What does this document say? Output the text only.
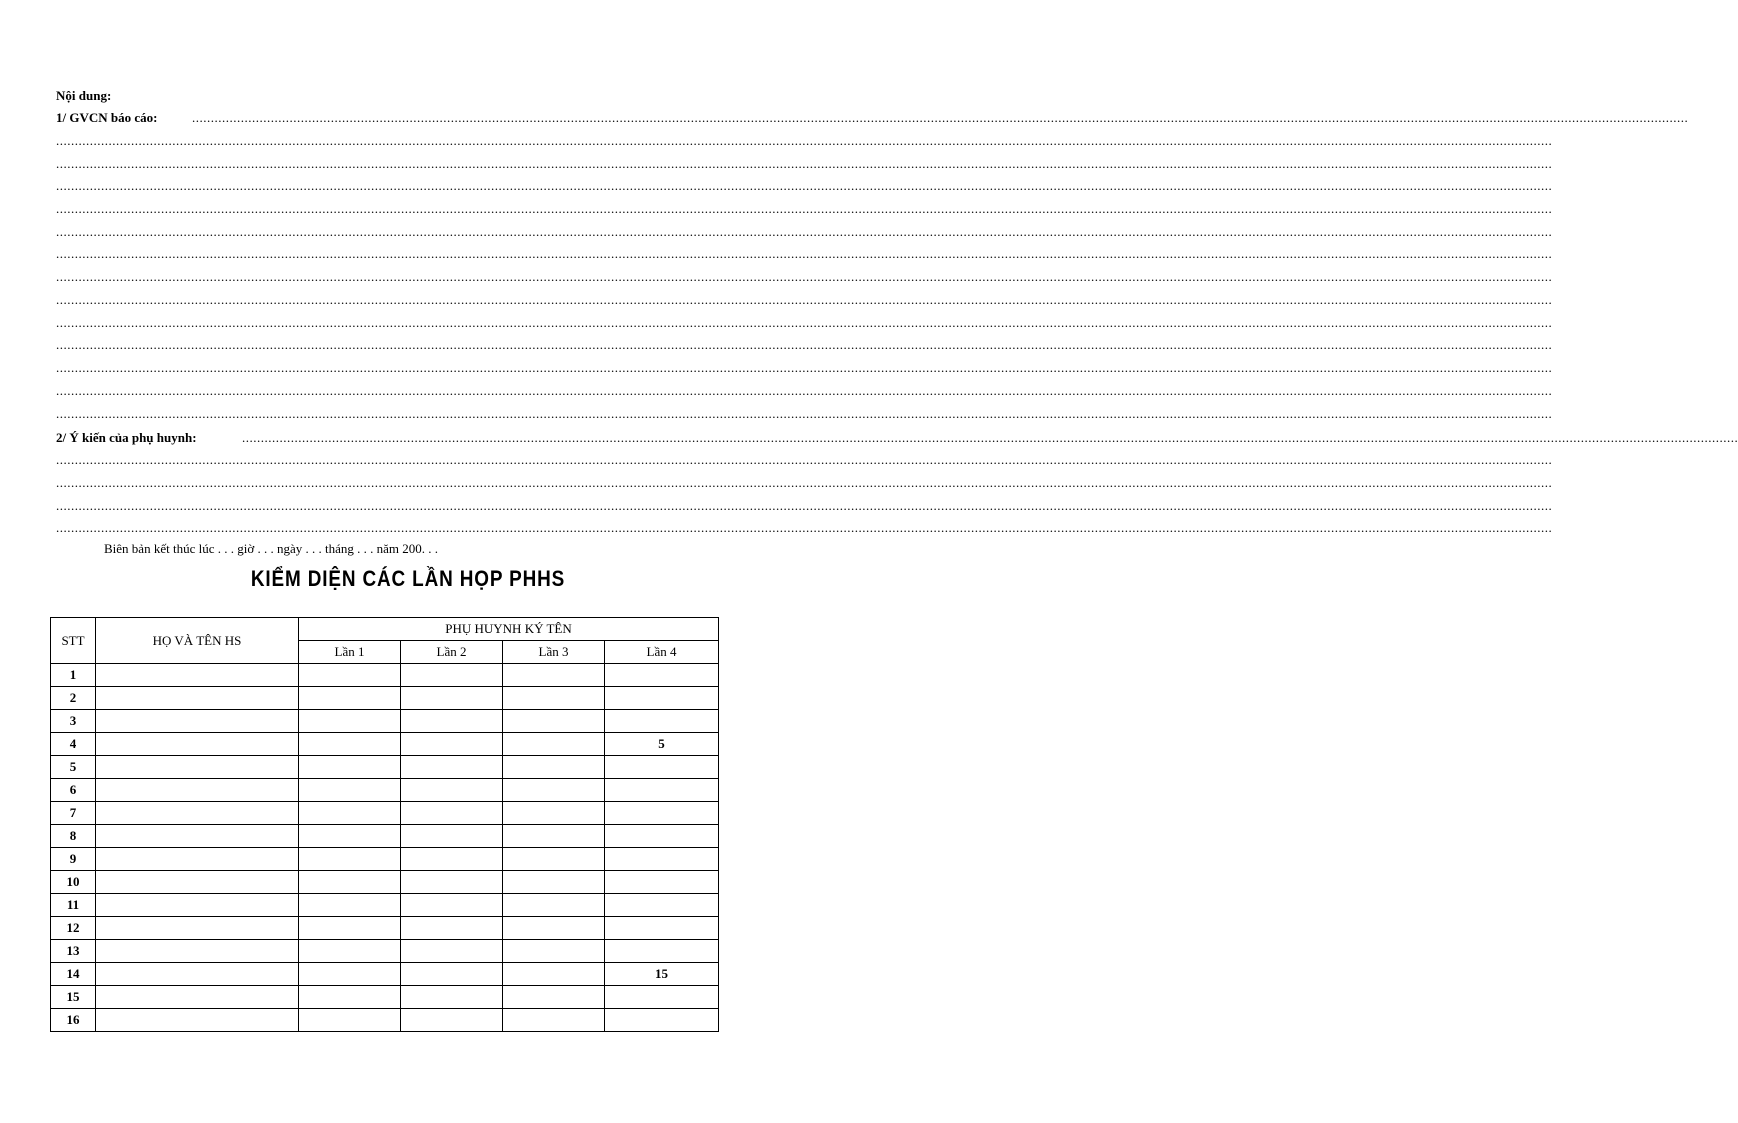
Nội dung:
1/ GVCN báo cáo:	...............................................................................................................................................................................................................................................................................................................................................................................................................
...............................................................................................................................................................................................................................................................................................................................................................................................................
...............................................................................................................................................................................................................................................................................................................................................................................................................
...............................................................................................................................................................................................................................................................................................................................................................................................................
...............................................................................................................................................................................................................................................................................................................................................................................................................
...............................................................................................................................................................................................................................................................................................................................................................................................................
...............................................................................................................................................................................................................................................................................................................................................................................................................
...............................................................................................................................................................................................................................................................................................................................................................................................................
...............................................................................................................................................................................................................................................................................................................................................................................................................
...............................................................................................................................................................................................................................................................................................................................................................................................................
...............................................................................................................................................................................................................................................................................................................................................................................................................
...............................................................................................................................................................................................................................................................................................................................................................................................................
...............................................................................................................................................................................................................................................................................................................................................................................................................
...............................................................................................................................................................................................................................................................................................................................................................................................................
...............................................................................................................................................................................................................................................................................................................................................................................................................
...............................................................................................................................................................................................................................................................................................................................................................................................................
...............................................................................................................................................................................................................................................................................................................................................................................................................
...............................................................................................................................................................................................................................................................................................................................................................................................................
...............................................................................................................................................................................................................................................................................................................................................................................................................
2/ Ý kiến của phụ huynh:
Biên bản kết thúc lúc . . . giờ . . . ngày . . . tháng . . . năm 200. . .
KIỂM DIỆN CÁC LẦN HỌP PHHS
STT	HỌ VÀ TÊN HS	PHỤ HUYNH KÝ TÊN			
		Lần 1	Lần 2	Lần 3	Lần 4
1					
2					
3					
4					5
5					
6					
7					
8					
9					
10					
11					
12					
13					
14					15
15					
16					
